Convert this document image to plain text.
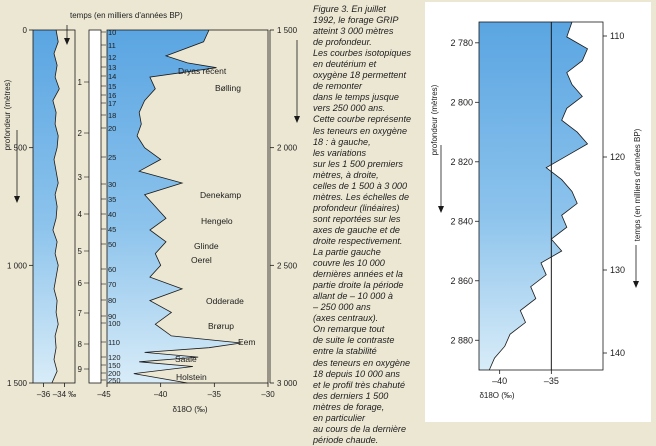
0
500
1 000
1 500
–36 –34 ‰
profondeur (mètres)
10
11
12
13
14
15
16
17
18
20
25
30
35
40
45
50
60
70
80
90
100
110
120
150
200
250
1
2
3
4
5
6
7
8
9
–45	–40	–35	–30
δ18O (‰)
temps (en milliers d'années BP)
1 500
2 000
2 500
3 000
Dryas récent
Bølling
Denekamp
Hengelo
Glinde
Oerel
Odderade
Brørup
Eem
Saale
Holstein
2 780
2 800
2 820
2 840
2 860
2 880
110
120
130
140
–40	–35
δ18O (‰)
profondeur (mètres)
temps (en milliers d'années BP)

Figure 3. En juillet

1992, le forage GRIP

atteint 3 000 mètres

de profondeur.

Les courbes isotopiques

en deutérium et

oxygène 18 permettent

de remonter

dans le temps jusque

vers 250 000 ans.

Cette courbe représente

les teneurs en oxygène

18 : à gauche,

les variations

sur les 1 500 premiers

mètres, à droite,

celles de 1 500 à 3 000

mètres. Les échelles de

profondeur (linéaires)

sont reportées sur les

axes de gauche et de

droite respectivement.

La partie gauche

couvre les 10 000

dernières années et la

partie droite la période

allant de – 10 000 à

– 250 000 ans

(axes centraux).

On remarque tout

de suite le contraste

entre la stabilité

des teneurs en oxygène

18 depuis 10 000 ans

et le profil très chahuté

des derniers 1 500

mètres de forage,

en particulier

au cours de la dernière

période chaude.
